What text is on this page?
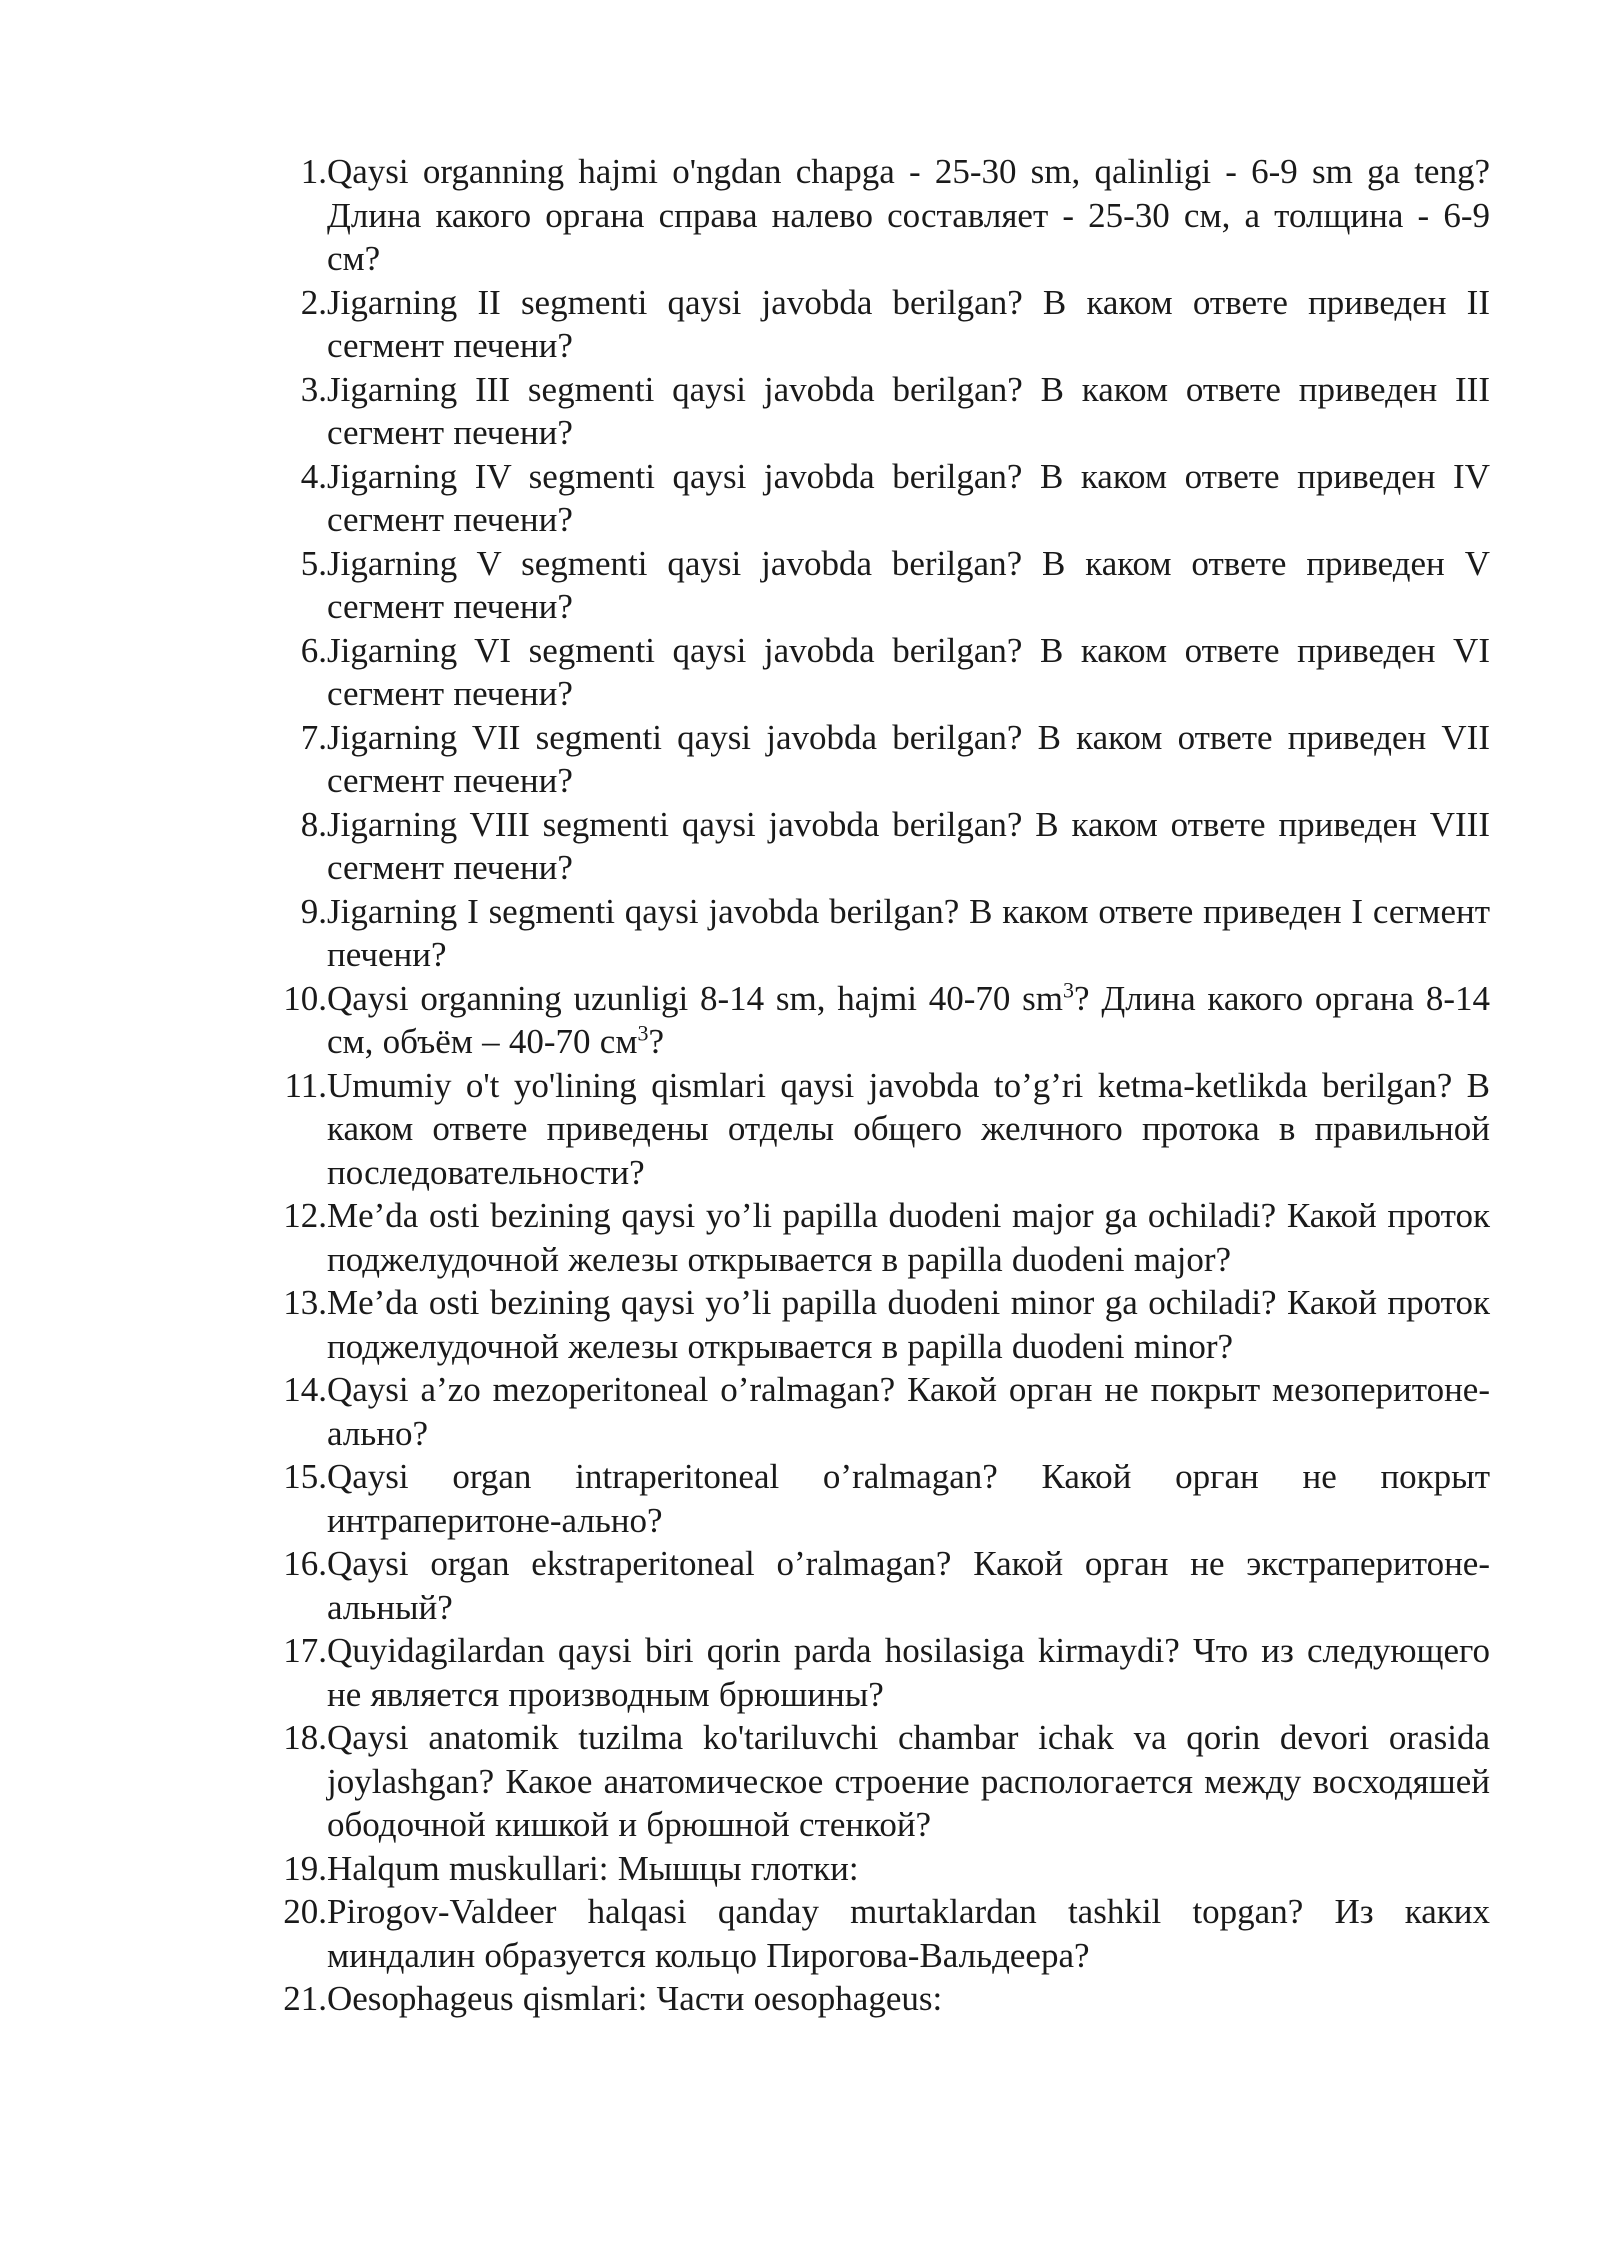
1. Qaysi organning hajmi o'ngdan chapga - 25-30 sm, qalinligi - 6-9 sm ga teng? Длина какого органа справа налево составляет - 25-30 см, а толщина - 6-9 см?
2. Jigarning II segmenti qaysi javobda berilgan? В каком ответе приведен II сегмент печени?
3. Jigarning III segmenti qaysi javobda berilgan? В каком ответе приведен III сегмент печени?
4. Jigarning IV segmenti qaysi javobda berilgan? В каком ответе приведен IV сегмент печени?
5. Jigarning V segmenti qaysi javobda berilgan? В каком ответе приведен V сегмент печени?
6. Jigarning VI segmenti qaysi javobda berilgan? В каком ответе приведен VI сегмент печени?
7. Jigarning VII segmenti qaysi javobda berilgan? В каком ответе приведен VII сегмент печени?
8. Jigarning VIII segmenti qaysi javobda berilgan? В каком ответе приведен VIII сегмент печени?
9. Jigarning I segmenti qaysi javobda berilgan? В каком ответе приведен I сегмент печени?
10. Qaysi organning uzunligi 8-14 sm, hajmi 40-70 $sm^3$? Длина какого органа 8-14 см, объём – 40-70 $см^3$?
11. Umumiy o't yo'lining qismlari qaysi javobda to’g’ri ketma-ketlikda berilgan? В каком ответе приведены отделы общего желчного протока в правильной последовательности?
12. Me’da osti bezining qaysi yo’li papilla duodeni major ga ochiladi? Какой проток поджелудочной железы открывается в papilla duodeni major?
13. Me’da osti bezining qaysi yo’li papilla duodeni minor ga ochiladi? Какой проток поджелудочной железы открывается в papilla duodeni minor?
14. Qaysi a’zo mezoperitoneal o’ralmagan? Какой орган не покрыт мезоперитоне-ально?
15. Qaysi organ intraperitoneal o’ralmagan? Какой орган не покрыт интраперитоне-ально?
16. Qaysi organ ekstraperitoneal o’ralmagan? Какой орган не экстраперитоне-альный?
17. Quyidagilardan qaysi biri qorin parda hosilasiga kirmaydi? Что из следующего не является производным брюшины?
18. Qaysi anatomik tuzilma ko'tariluvchi chambar ichak va qorin devori orasida joylashgan? Какое анатомическое строение распологается между восходяшей ободочной кишкой и брюшной стенкой?
19. Halqum muskullari: Мышцы глотки:
20. Pirogov-Valdeer halqasi qanday murtaklardan tashkil topgan? Из каких миндалин образуется кольцо Пирогова-Вальдеера?
21. Oesophageus qismlari: Части oesophageus:
